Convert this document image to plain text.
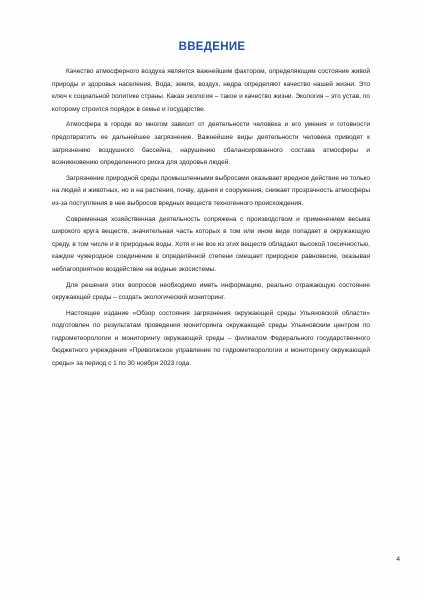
ВВЕДЕНИЕ

Качество атмосферного воздуха является важнейшим фактором, определяющим состояние живой природы и здоровья населения. Вода, земля, воздух, недра определяют качество нашей жизни. Это ключ к социальной политике страны. Какая экология – такое и качество жизни. Экология – это устав, по которому строится порядок в семье и государстве.

Атмосфера в городе во многом зависит от деятельности человека и его умения и готовности предотвратить ее дальнейшее загрязнение. Важнейшие виды деятельности человека приводят к загрязнению воздушного бассейна, нарушению сбалансированного состава атмосферы и возникновению определенного риска для здоровья людей.

Загрязнение природной среды промышленными выбросами оказывает вредное действие не только на людей и животных, но и на растения, почву, здания и сооружения, снижает прозрачность атмосферы из-за поступления в нее выбросов вредных веществ техногенного происхождения.

Современная хозяйственная деятельность сопряжена с производством и применением весьма широкого круга веществ, значительная часть которых в том или ином виде попадает в окружающую среду, в том числе и в природные воды. Хотя и не все из этих веществ обладают высокой токсичностью, каждое чужеродное соединение в определённой степени смещает природное равновесие, оказывая неблагоприятное воздействие на водные экосистемы.

Для решения этих вопросов необходимо иметь информацию, реально отражающую состояние окружающей среды – создать экологический мониторинг.

Настоящее издание «Обзор состояния загрязнения окружающей среды Ульяновской области» подготовлен по результатам проведения мониторинга окружающей среды Ульяновским центром по гидрометеорологии и мониторингу окружающей среды – филиалом Федерального государственного бюджетного учреждения «Приволжское управление по гидрометеорологии и мониторингу окружающей среды» за период с 1 по 30 ноября 2023 года.

4
